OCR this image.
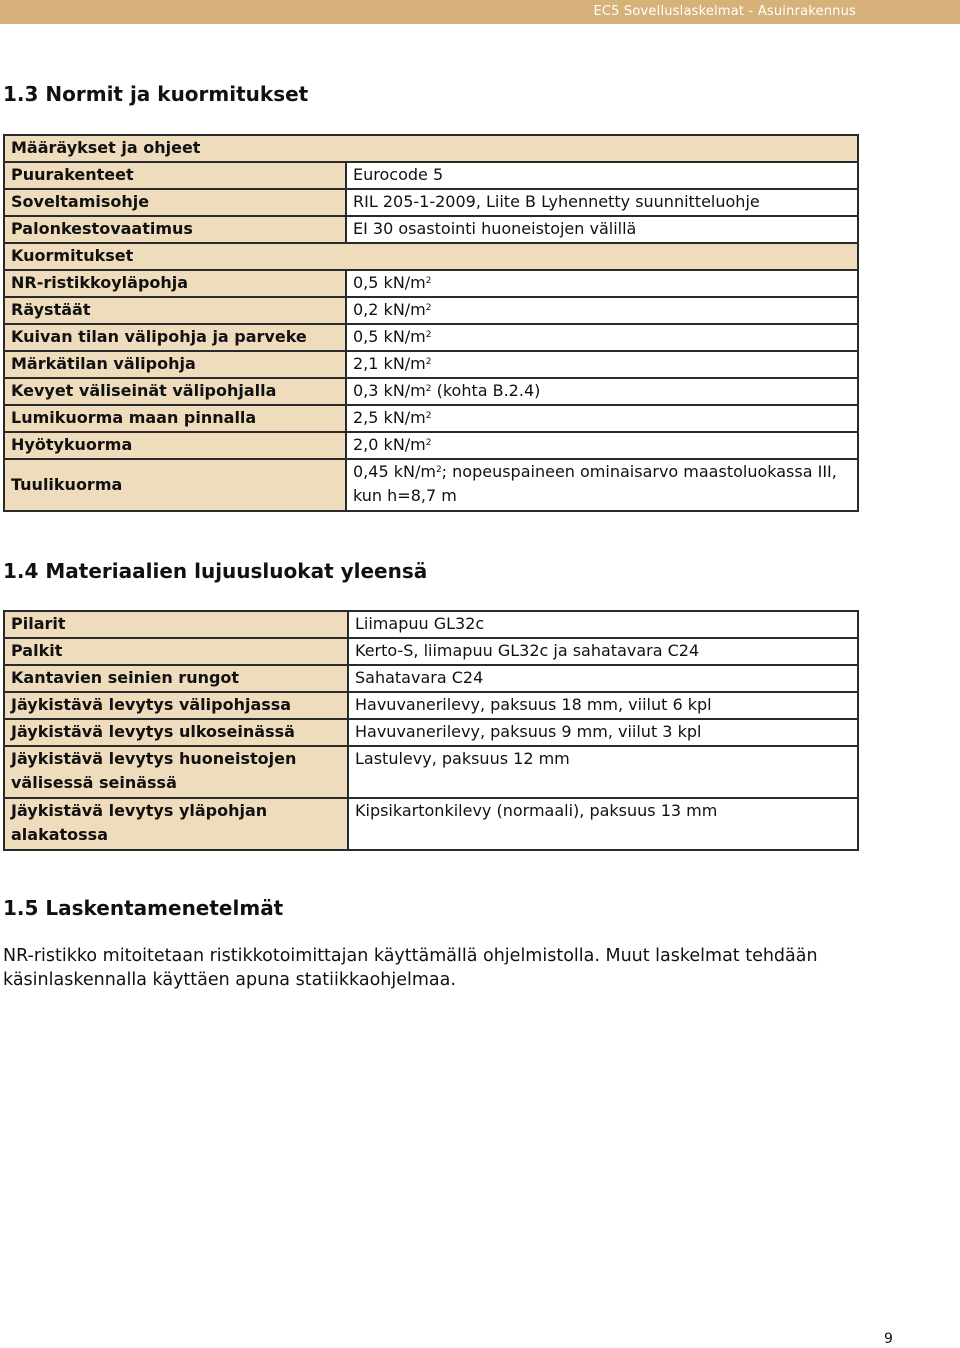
EC5 Sovelluslaskelmat - Asuinrakennus
1.3 Normit ja kuormitukset
Määräykset ja ohjeet	
Puurakenteet	Eurocode 5
Soveltamisohje	RIL 205-1-2009, Liite B Lyhennetty suunnitteluohje
Palonkestovaatimus	EI 30 osastointi huoneistojen välillä
Kuormitukset	
NR-ristikkoyläpohja	0,5 $kN/m^2$
Räystäät	0,2 $kN/m^2$
Kuivan tilan välipohja ja parveke	0,5 $kN/m^2$
Märkätilan välipohja	2,1 $kN/m^2$
Kevyet väliseinät välipohjalla	0,3 $kN/m^2$ (kohta B.2.4)
Lumikuorma maan pinnalla	2,5 $kN/m^2$
Hyötykuorma	2,0 $kN/m^2$
Tuulikuorma	0,45 $kN/m^2$; nopeuspaineen ominaisarvo maastoluokassa III, kun h=8,7 m
1.4 Materiaalien lujuusluokat yleensä
Pilarit	Liimapuu GL32c
Palkit	Kerto-S, liimapuu GL32c ja sahatavara C24
Kantavien seinien rungot	Sahatavara C24
Jäykistävä levytys välipohjassa	Havuvanerilevy, paksuus 18 mm, viilut 6 kpl
Jäykistävä levytys ulkoseinässä	Havuvanerilevy, paksuus 9 mm, viilut 3 kpl
Jäykistävä levytys huoneistojen välisessä seinässä	Lastulevy, paksuus 12 mm
Jäykistävä levytys yläpohjan alakatossa	Kipsikartonkilevy (normaali), paksuus 13 mm
1.5 Laskentamenetelmät

NR-ristikko mitoitetaan ristikkotoimittajan käyttämällä ohjelmistolla. Muut laskelmat tehdään käsinlaskennalla käyttäen apuna statiikkaohjelmaa.

9
